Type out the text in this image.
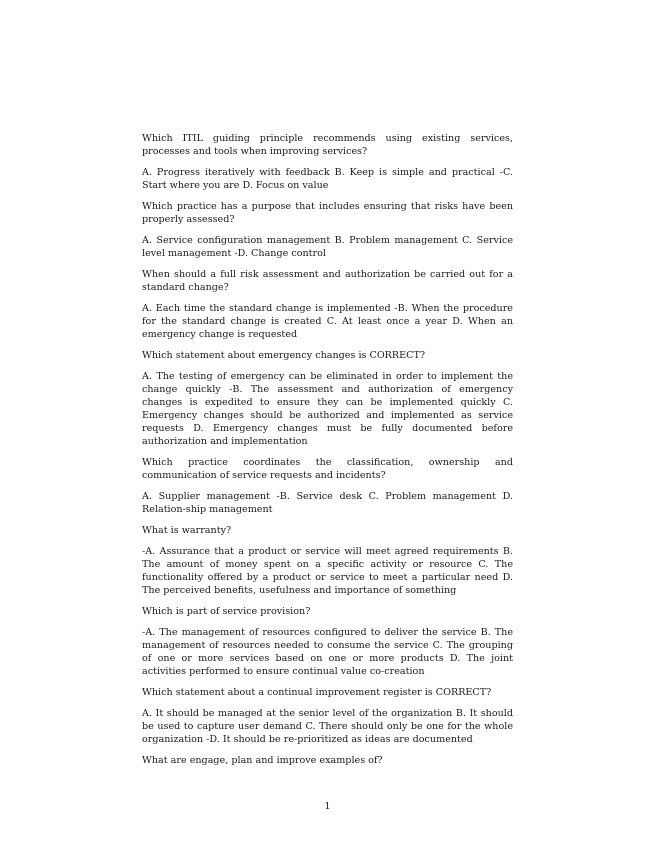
Which ITIL guiding principle recommends using existing services, processes and tools when improving services?

A. Progress iteratively with feedback B. Keep is simple and practical -C. Start where you are D. Focus on value

Which practice has a purpose that includes ensuring that risks have been properly assessed?

A. Service configuration management B. Problem management C. Service level management -D. Change control

When should a full risk assessment and authorization be carried out for a standard change?

A. Each time the standard change is implemented -B. When the procedure for the standard change is created C. At least once a year D. When an emergency change is requested

Which statement about emergency changes is CORRECT?

A. The testing of emergency can be eliminated in order to implement the change quickly -B. The assessment and authorization of emergency changes is expedited to ensure they can be implemented quickly C. Emergency changes should be authorized and implemented as service requests D. Emergency changes must be fully documented before authorization and implementation

Which practice coordinates the classification, ownership and communication of service requests and incidents?

A. Supplier management -B. Service desk C. Problem management D. Relation-ship management

What is warranty?

-A. Assurance that a product or service will meet agreed requirements B. The amount of money spent on a specific activity or resource C. The functionality offered by a product or service to meet a particular need D. The perceived benefits, usefulness and importance of something

Which is part of service provision?

-A. The management of resources configured to deliver the service B. The management of resources needed to consume the service C. The grouping of one or more services based on one or more products D. The joint activities performed to ensure continual value co-creation

Which statement about a continual improvement register is CORRECT?

A. It should be managed at the senior level of the organization B. It should be used to capture user demand C. There should only be one for the whole organization -D. It should be re-prioritized as ideas are documented

What are engage, plan and improve examples of?

1
